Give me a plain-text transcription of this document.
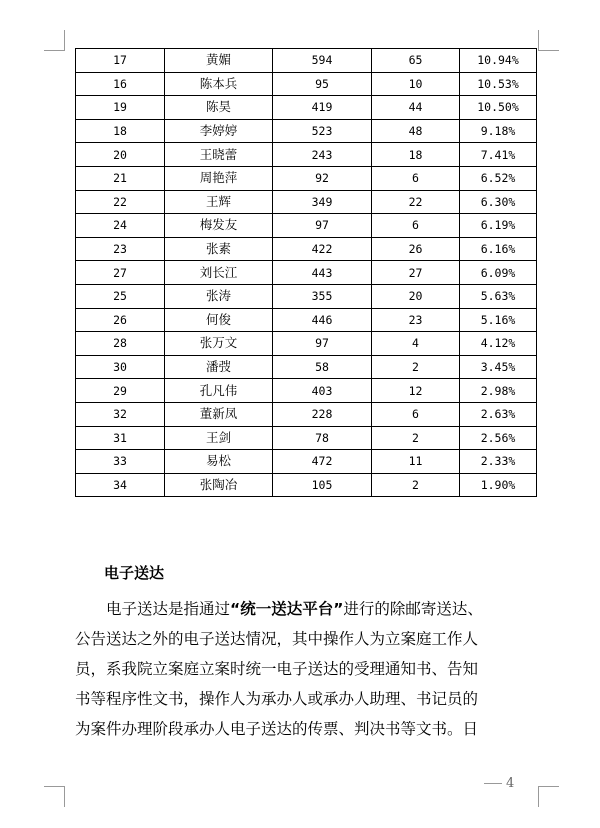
17	黄媚	594	65	10.94%
16	陈本兵	95	10	10.53%
19	陈昊	419	44	10.50%
18	李婷婷	523	48	9.18%
20	王晓蕾	243	18	7.41%
21	周艳萍	92	6	6.52%
22	王辉	349	22	6.30%
24	梅发友	97	6	6.19%
23	张素	422	26	6.16%
27	刘长江	443	27	6.09%
25	张涛	355	20	5.63%
26	何俊	446	23	5.16%
28	张万文	97	4	4.12%
30	潘弢	58	2	3.45%
29	孔凡伟	403	12	2.98%
32	董新凤	228	6	2.63%
31	王剑	78	2	2.56%
33	易松	472	11	2.33%
34	张陶冶	105	2	1.90%
电子送达
电子送达是指通过“统一送达平台”进行的除邮寄送达、
公告送达之外的电子送达情况，其中操作人为立案庭工作人
员，系我院立案庭立案时统一电子送达的受理通知书、告知
书等程序性文书，操作人为承办人或承办人助理、书记员的
为案件办理阶段承办人电子送达的传票、判决书等文书。日
4
